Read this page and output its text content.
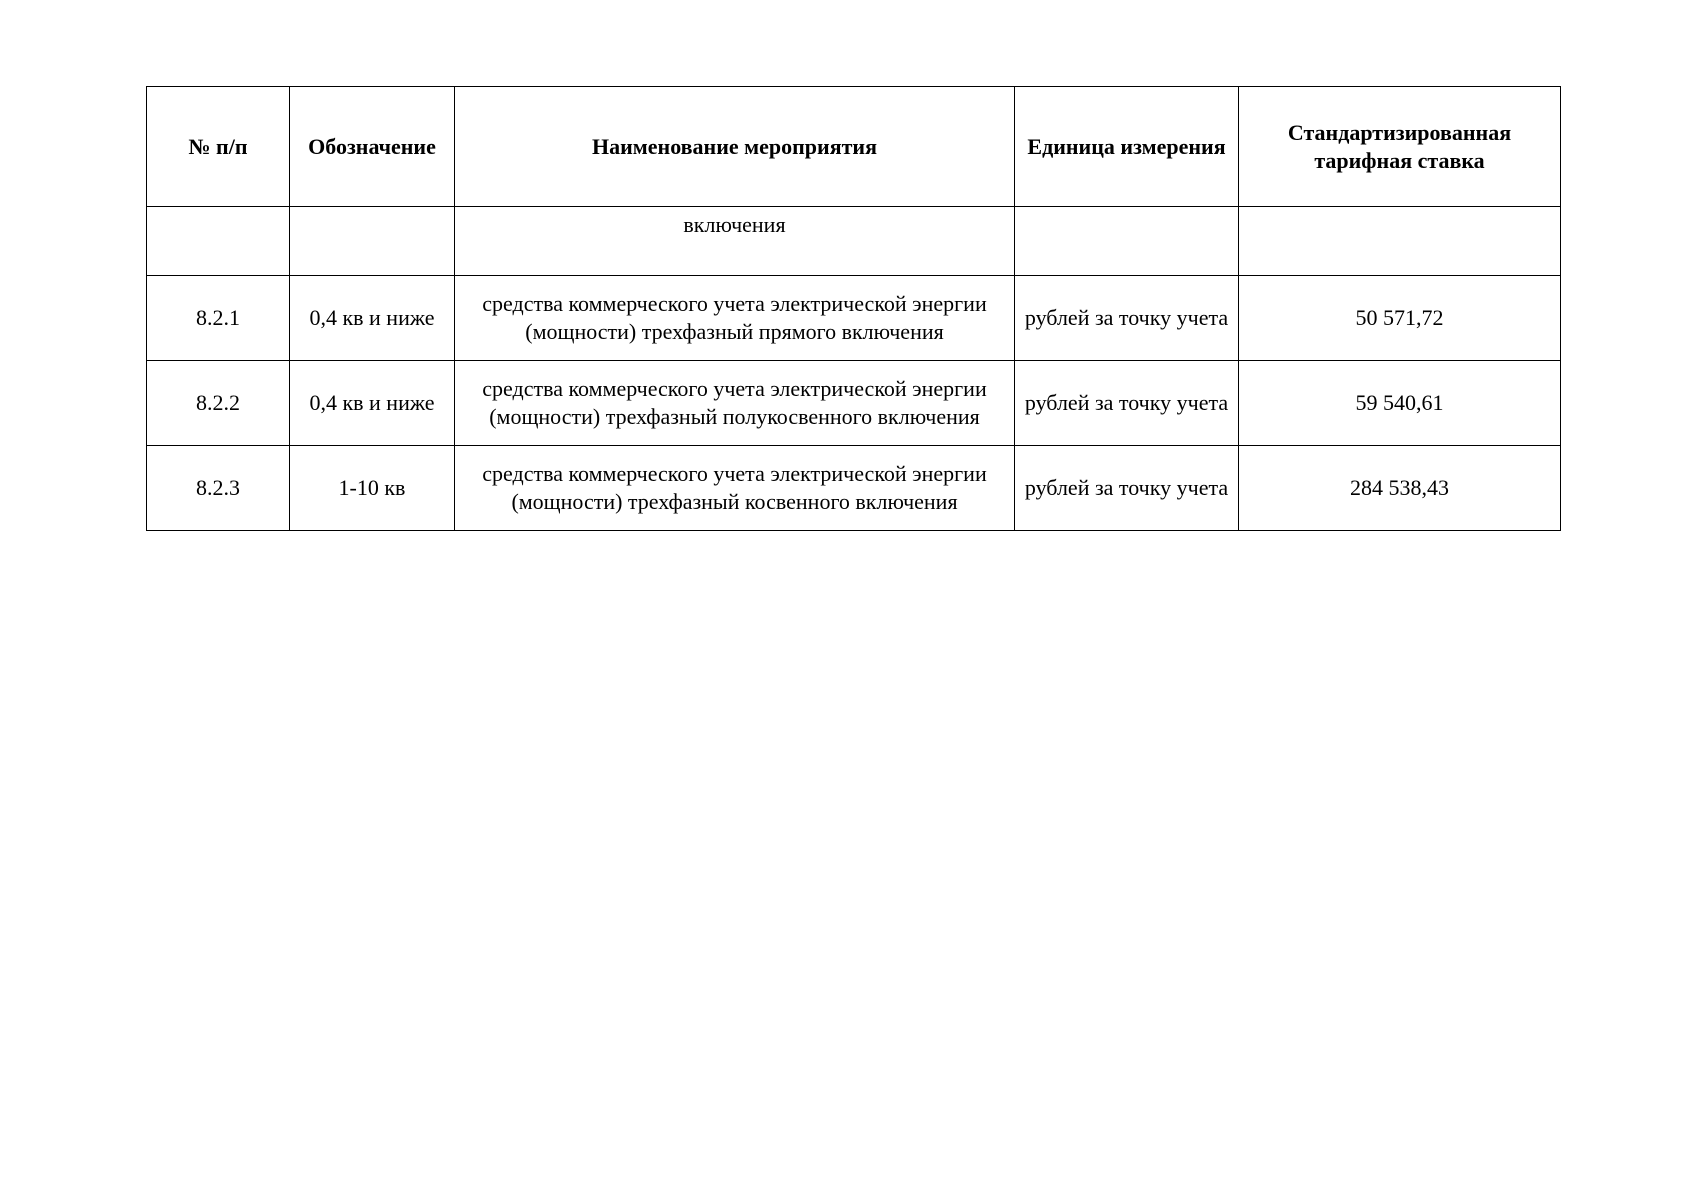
№ п/п	Обозначение	Наименование мероприятия	Единица измерения	Стандартизированная тарифная ставка
		включения		
8.2.1	0,4 кв и ниже	средства коммерческого учета электрической энергии (мощности) трехфазный прямого включения	рублей за точку учета	50 571,72
8.2.2	0,4 кв и ниже	средства коммерческого учета электрической энергии (мощности) трехфазный полукосвенного включения	рублей за точку учета	59 540,61
8.2.3	1-10 кв	средства коммерческого учета электрической энергии (мощности) трехфазный косвенного включения	рублей за точку учета	284 538,43
